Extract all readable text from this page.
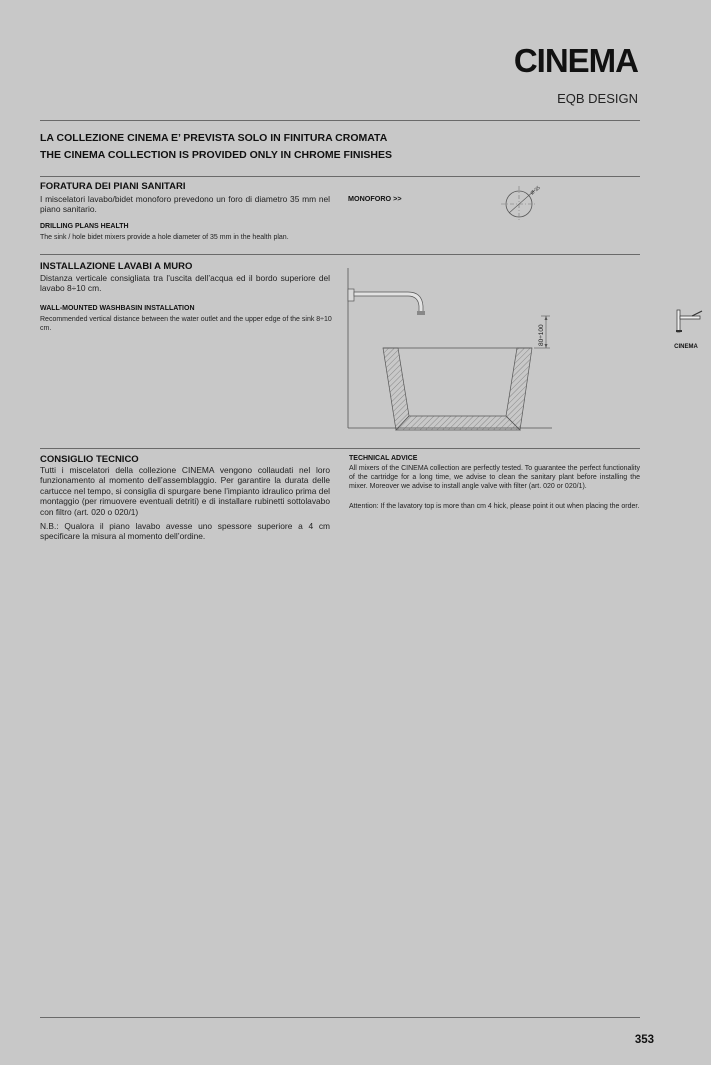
CINEMA
EQB DESIGN
LA COLLEZIONE CINEMA E’ PREVISTA SOLO IN FINITURA CROMATA
THE CINEMA COLLECTION IS PROVIDED ONLY IN CHROME FINISHES
FORATURA DEI PIANI SANITARI
I miscelatori lavabo/bidet monoforo prevedono un foro di diametro 35 mm nel piano sanitario.
DRILLING PLANS HEALTH
The sink / hole bidet mixers provide a hole diameter of 35 mm in the health plan.
MONOFORO >>
Ø 35
INSTALLAZIONE LAVABI A MURO
Distanza verticale consigliata tra l’uscita dell’acqua ed il bordo superiore del lavabo 8÷10 cm.
WALL-MOUNTED WASHBASIN INSTALLATION
Recommended vertical distance between the water outlet and the upper edge of the sink 8÷10 cm.	80÷100
CINEMA
CONSIGLIO TECNICO
Tutti i miscelatori della collezione CINEMA vengono collaudati nel loro funzionamento al momento dell’assemblaggio. Per garantire la durata delle cartucce nel tempo, si consiglia di spurgare bene l’impianto idraulico prima del montaggio (per rimuovere eventuali detriti) e di installare rubinetti sottolavabo con filtro (art. 020 o 020/1)
N.B.: Qualora il piano lavabo avesse uno spessore superiore a 4 cm specificare la misura al momento dell’ordine.
TECHNICAL ADVICE
All mixers of the CINEMA collection are perfectly tested. To guarantee the perfect functionality of the cartridge for a long time, we advise to clean the sanitary plant before installing the mixer. Moreover we advise to install angle valve with filter (art. 020 or 020/1).
Attention: If the lavatory top is more than cm 4 hick, please point it out when placing the order.
353
